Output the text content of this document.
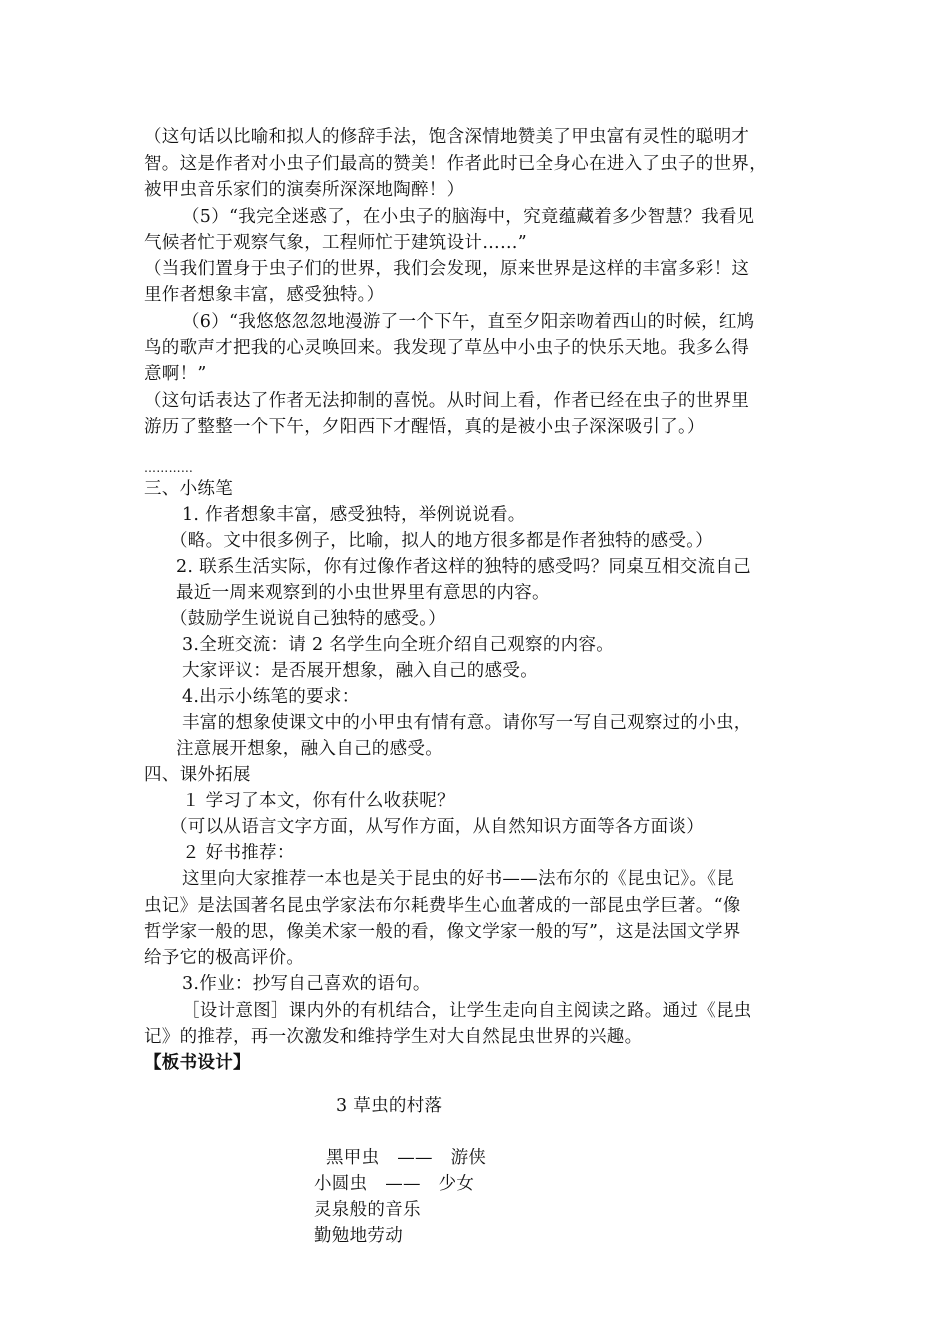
（这句话以比喻和拟人的修辞手法，饱含深情地赞美了甲虫富有灵性的聪明才
智。这是作者对小虫子们最高的赞美！作者此时已全身心在进入了虫子的世界，
被甲虫音乐家们的演奏所深深地陶醉！）
（5）“我完全迷惑了，在小虫子的脑海中，究竟蕴藏着多少智慧？我看见
气候者忙于观察气象，工程师忙于建筑设计……”
（当我们置身于虫子们的世界，我们会发现，原来世界是这样的丰富多彩！这
里作者想象丰富，感受独特。）
（6）“我悠悠忽忽地漫游了一个下午，直至夕阳亲吻着西山的时候，红鸠
鸟的歌声才把我的心灵唤回来。我发现了草丛中小虫子的快乐天地。我多么得
意啊！”
（这句话表达了作者无法抑制的喜悦。从时间上看，作者已经在虫子的世界里
游历了整整一个下午，夕阳西下才醒悟，真的是被小虫子深深吸引了。）
…………
三、小练笔
1. 作者想象丰富，感受独特，举例说说看。
（略。文中很多例子，比喻，拟人的地方很多都是作者独特的感受。）
2. 联系生活实际，你有过像作者这样的独特的感受吗？同桌互相交流自己
最近一周来观察到的小虫世界里有意思的内容。
（鼓励学生说说自己独特的感受。）
3.全班交流：请 2 名学生向全班介绍自己观察的内容。
大家评议：是否展开想象，融入自己的感受。
4.出示小练笔的要求：
丰富的想象使课文中的小甲虫有情有意。请你写一写自己观察过的小虫，
注意展开想象，融入自己的感受。
四、课外拓展
１ 学习了本文，你有什么收获呢？
（可以从语言文字方面，从写作方面，从自然知识方面等各方面谈）
２ 好书推荐：
这里向大家推荐一本也是关于昆虫的好书——法布尔的《昆虫记》。《昆
虫记》是法国著名昆虫学家法布尔耗费毕生心血著成的一部昆虫学巨著。“像
哲学家一般的思，像美术家一般的看，像文学家一般的写”，这是法国文学界
给予它的极高评价。
3.作业：抄写自己喜欢的语句。
［设计意图］课内外的有机结合，让学生走向自主阅读之路。通过《昆虫
记》的推荐，再一次激发和维持学生对大自然昆虫世界的兴趣。
【板书设计】
3 草虫的村落
黑甲虫　——　游侠
小圆虫　——　少女
灵泉般的音乐
勤勉地劳动
